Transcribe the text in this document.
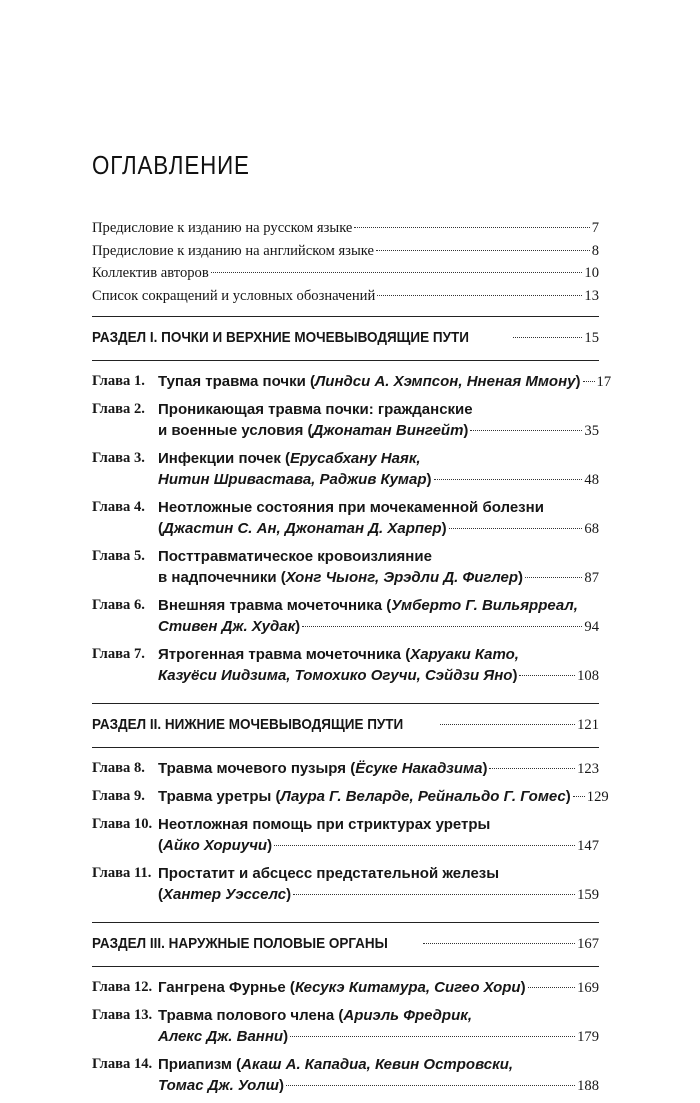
ОГЛАВЛЕНИЕ
Предисловие к изданию на русском языке	7
Предисловие к изданию на английском языке	8
Коллектив авторов	10
Список сокращений и условных обозначений	13
РАЗДЕЛ I. ПОЧКИ И ВЕРХНИЕ МОЧЕВЫВОДЯЩИЕ ПУТИ	15
Глава 1. Тупая травма почки (Линдси А. Хэмпсон, Нненая Ммону) 17
Глава 2. Проникающая травма почки: гражданские
и военные условия (Джонатан Вингейт)	35
Глава 3. Инфекции почек (Ерусабхану Наяк,
Нитин Шривастава, Раджив Кумар)	48
Глава 4. Неотложные состояния при мочекаменной болезни
(Джастин С. Ан, Джонатан Д. Харпер)	68
Глава 5. Посттравматическое кровоизлияние
в надпочечники (Хонг Чыонг, Эрэдли Д. Фиглер)	87
Глава 6. Внешняя травма мочеточника (Умберто Г. Вильярреал,
Стивен Дж. Худак)	94
Глава 7. Ятрогенная травма мочеточника (Харуаки Като,
Казуёси Иидзима, Томохико Огучи, Сэйдзи Яно)	108
РАЗДЕЛ II. НИЖНИЕ МОЧЕВЫВОДЯЩИЕ ПУТИ	121
Глава 8. Травма мочевого пузыря (Ёсуке Накадзима)	123
Глава 9. Травма уретры (Лаура Г. Веларде, Рейнальдо Г. Гомес) 129
Глава 10. Неотложная помощь при стриктурах уретры
(Айко Хориучи)	147
Глава 11. Простатит и абсцесс предстательной железы
(Хантер Уэсселс)	159
РАЗДЕЛ III. НАРУЖНЫЕ ПОЛОВЫЕ ОРГАНЫ	167
Глава 12. Гангрена Фурнье (Кесукэ Китамура, Сигео Хори)	169
Глава 13. Травма полового члена (Ариэль Фредрик,
Алекс Дж. Ванни)	179
Глава 14. Приапизм (Акаш А. Кападиа, Кевин Островски,
Томас Дж. Уолш)	188
